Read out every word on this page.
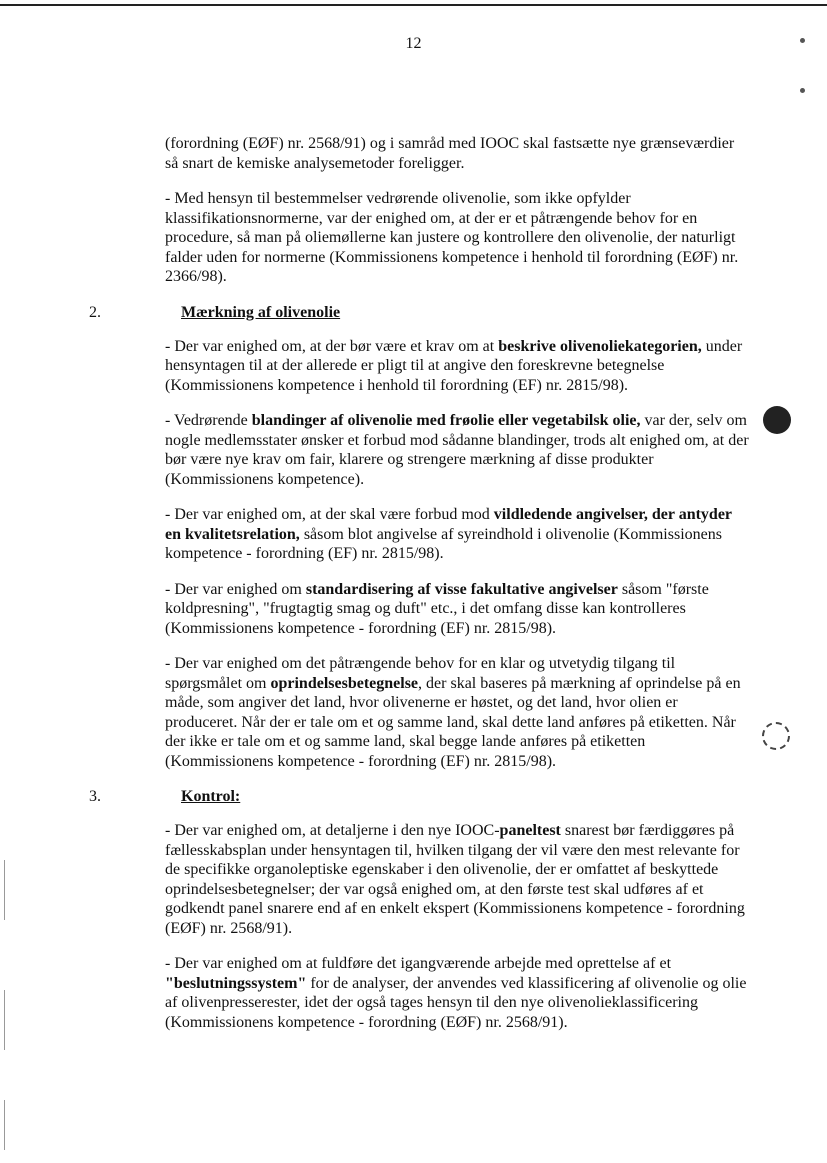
12

(forordning (EØF) nr. 2568/91) og i samråd med IOOC skal fastsætte nye grænseværdier så snart de kemiske analysemetoder foreligger.

- Med hensyn til bestemmelser vedrørende olivenolie, som ikke opfylder klassifikationsnormerne, var der enighed om, at der er et påtrængende behov for en procedure, så man på oliemøllerne kan justere og kontrollere den olivenolie, der naturligt falder uden for normerne (Kommissionens kompetence i henhold til forordning (EØF) nr. 2366/98).

2.	Mærkning af olivenolie

- Der var enighed om, at der bør være et krav om at beskrive olivenoliekategorien, under hensyntagen til at der allerede er pligt til at angive den foreskrevne betegnelse (Kommissionens kompetence i henhold til forordning (EF) nr. 2815/98).

- Vedrørende blandinger af olivenolie med frøolie eller vegetabilsk olie, var der, selv om nogle medlemsstater ønsker et forbud mod sådanne blandinger, trods alt enighed om, at der bør være nye krav om fair, klarere og strengere mærkning af disse produkter (Kommissionens kompetence).

- Der var enighed om, at der skal være forbud mod vildledende angivelser, der antyder en kvalitetsrelation, såsom blot angivelse af syreindhold i olivenolie (Kommissionens kompetence - forordning (EF) nr. 2815/98).

- Der var enighed om standardisering af visse fakultative angivelser såsom "første koldpresning", "frugtagtig smag og duft" etc., i det omfang disse kan kontrolleres (Kommissionens kompetence - forordning (EF) nr. 2815/98).

- Der var enighed om det påtrængende behov for en klar og utvetydig tilgang til spørgsmålet om oprindelsesbetegnelse, der skal baseres på mærkning af oprindelse på en måde, som angiver det land, hvor olivenerne er høstet, og det land, hvor olien er produceret. Når der er tale om et og samme land, skal dette land anføres på etiketten. Når der ikke er tale om et og samme land, skal begge lande anføres på etiketten (Kommissionens kompetence - forordning (EF) nr. 2815/98).

3.	Kontrol:

- Der var enighed om, at detaljerne i den nye IOOC-paneltest snarest bør færdiggøres på fællesskabsplan under hensyntagen til, hvilken tilgang der vil være den mest relevante for de specifikke organoleptiske egenskaber i den olivenolie, der er omfattet af beskyttede oprindelsesbetegnelser; der var også enighed om, at den første test skal udføres af et godkendt panel snarere end af en enkelt ekspert (Kommissionens kompetence - forordning (EØF) nr. 2568/91).

- Der var enighed om at fuldføre det igangværende arbejde med oprettelse af et "beslutningssystem" for de analyser, der anvendes ved klassificering af olivenolie og olie af olivenpresserester, idet der også tages hensyn til den nye olivenolieklassificering (Kommissionens kompetence - forordning (EØF) nr. 2568/91).
